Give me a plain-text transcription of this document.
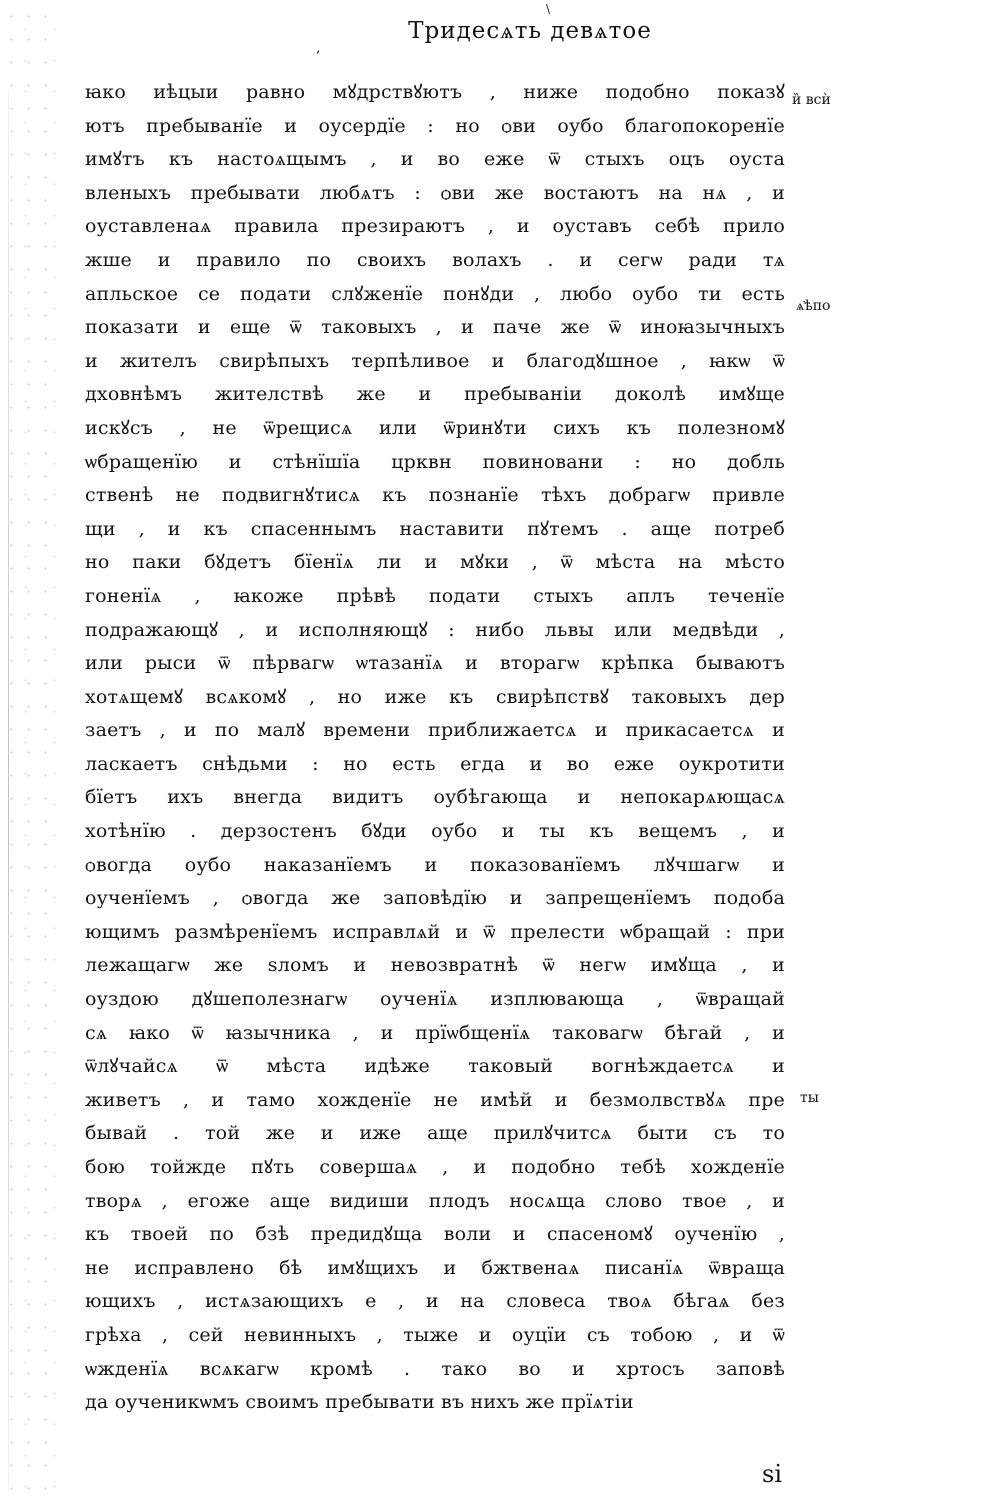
\
Тридесѧть девѧтое
,
ꙗко иѣцыи равно мꙋдрствꙋютъ , ниже подобно показꙋ
ютъ пребыванїе и оусердїе : но ѻви оубо благопокоренїе
имꙋтъ къ настоѧщымъ , и во еже ѿ стыхъ оцъ оуста
вленыхъ пребывати любѧтъ : ѻви же востаютъ на нѧ , и
оуставленаѧ правила презираютъ , и оуставъ себѣ прило
жше и правило по своихъ волахъ . и сегѡ ради тѧ
апльское се подати слꙋженїе понꙋди , любо оубо ти есть
показати и еще ѿ таковыхъ , и паче же ѿ иноꙗзычныхъ
и жителъ свирѣпыхъ терпѣливое и благодꙋшное , ꙗкѡ ѿ
дховнѣмъ жителствѣ же и пребываніи доколѣ имꙋще
искꙋсъ , не ѿрещисѧ или ѿринꙋти сихъ къ полезномꙋ
ѡбращенїю и стѣнїшїа црквн повиновани : но добль
ственѣ не подвигнꙋтисѧ къ познанїе тѣхъ добрагѡ привле
щи , и къ спасеннымъ наставити пꙋтемъ . аще потреб
но паки бꙋдетъ бїенїѧ ли и мꙋки , ѿ мѣста на мѣсто
гоненїѧ , ꙗкоже прѣвѣ подати стыхъ аплъ теченїе
подражающꙋ , и исполняющꙋ : нибо львы или медвѣди ,
или рыси ѿ пѣрвагѡ ѡтазанїѧ и вторагѡ крѣпка бываютъ
хотѧщемꙋ всѧкомꙋ , но иже къ свирѣпствꙋ таковыхъ дер
заетъ , и по малꙋ времени приближаетсѧ и прикасаетсѧ и
ласкаетъ снѣдьми : но есть егда и во еже оукротити
бїетъ ихъ внегда видитъ оубѣгающа и непокарѧющасѧ
хотѣнїю . дерзостенъ бꙋди оубо и ты къ вещемъ , и
ѻвогда оубо наказанїемъ и показованїемъ лꙋчшагѡ и
оученїемъ , ѻвогда же заповѣдїю и запрещенїемъ подоба
ющимъ размѣренїемъ исправлѧй и ѿ прелести ѡбращай : при
лежащагѡ же ѕломъ и невозвратнѣ ѿ негѡ имꙋща , и
оуздою дꙋшеполезнагѡ оученїѧ изплювающа , ѿвращай
сѧ ꙗко ѿ ꙗзычника , и прїѡбщенїѧ таковагѡ бѣгай , и
ѿлꙋчайсѧ ѿ мѣста идѣже таковый вогнѣждаетсѧ и
живетъ , и тамо хожденїе не имѣй и безмолвствꙋѧ пре
бывай . той же и иже аще прилꙋчитсѧ быти съ то
бою тойжде пꙋть совершаѧ , и подобно тебѣ хожденїе
творѧ , егоже аще видиши плодъ носѧща слово твое , и
къ твоей по бзѣ предидꙋща воли и спасеномꙋ оученїю ,
не исправлено бѣ имꙋщихъ и бжтвенаѧ писанїѧ ѿвраща
ющихъ , истѧзающихъ е , и на словеса твоѧ бѣгаѧ без
грѣха , сей невинныхъ , тыже и оуцїи съ тобою , и ѿ
ѡжденїѧ всѧкагѡ кромѣ . тако во и хртосъ заповѣ
да оученикѡмъ своимъ пребывати въ нихъ же прїѧтіи
и̏ всѝ
ѧ̇ѣпо
ты
ѕі
